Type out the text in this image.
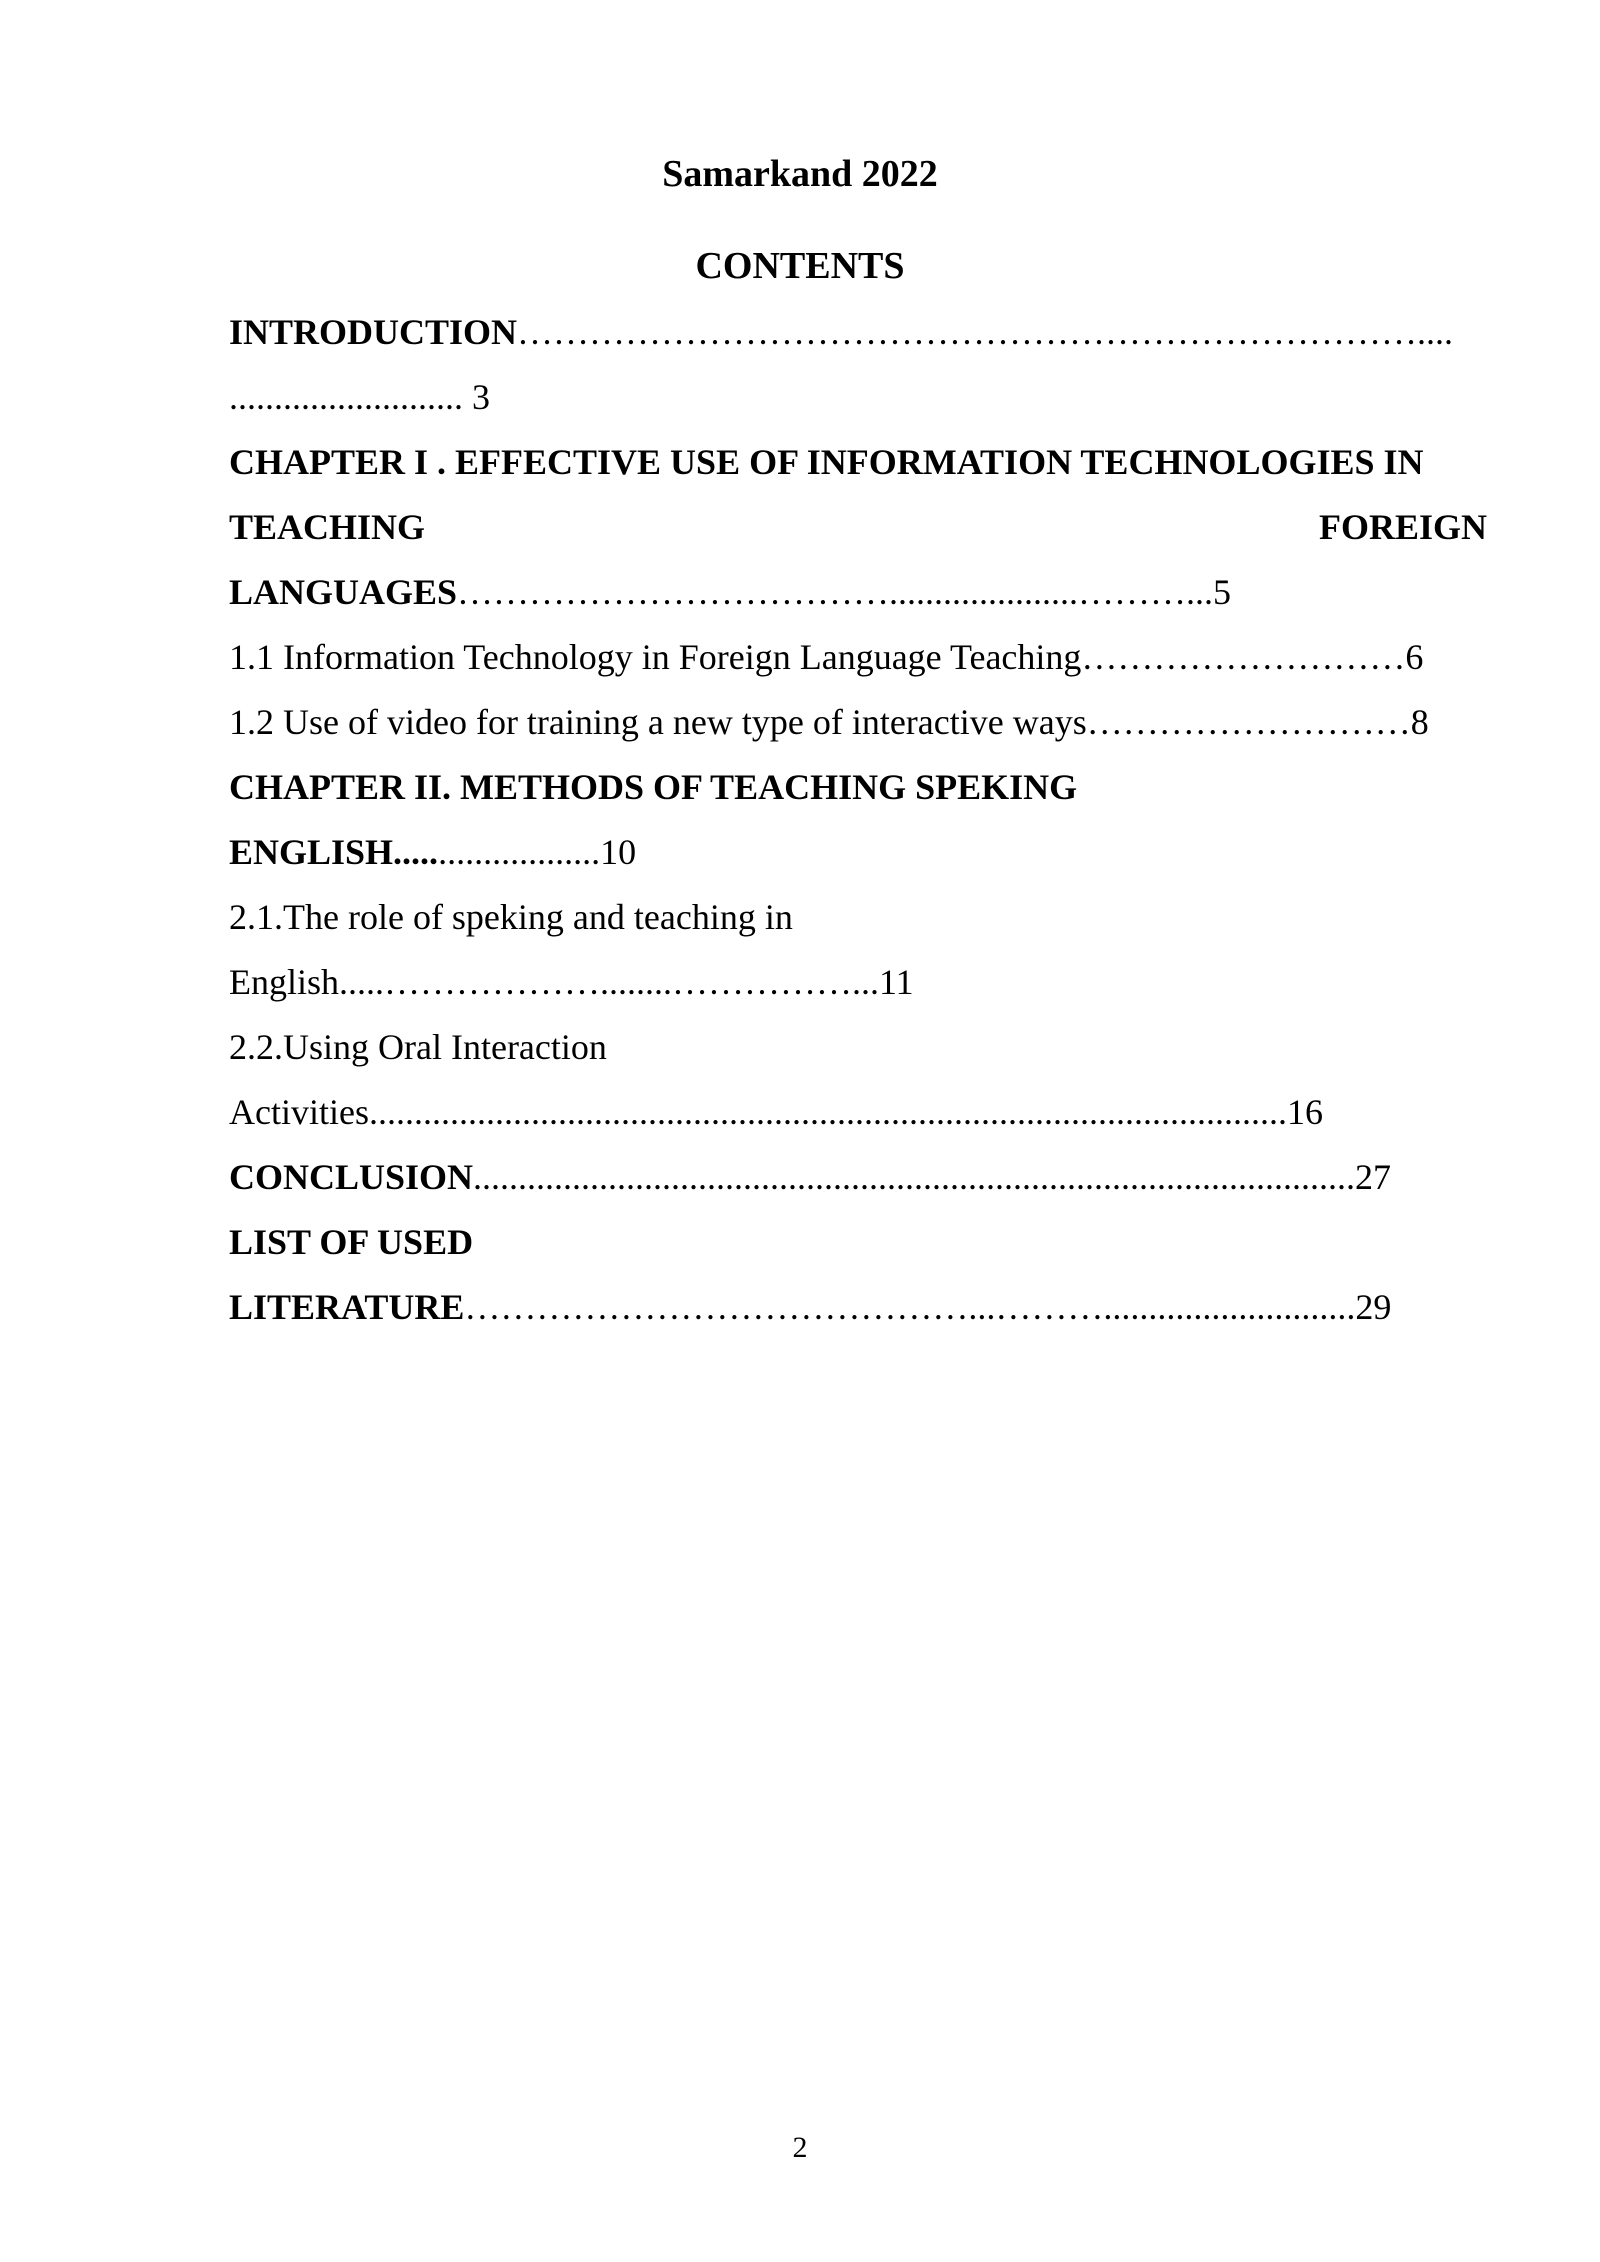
Samarkand 2022
CONTENTS
INTRODUCTION…………………………………………………………………....
.......................... 3
CHAPTER I . EFFECTIVE USE OF INFORMATION TECHNOLOGIES IN
TEACHING	FOREIGN
LANGUAGES……………………………….....................………...5
1.1 Information Technology in Foreign Language Teaching………………………6
1.2 Use of video for training a new type of interactive ways………………………8
CHAPTER II. METHODS OF TEACHING SPEKING
ENGLISH.......................10
2.1.The role of speking and teaching in
English.....………………........……………...11
2.2.Using Oral Interaction
Activities......................................................................................................16
CONCLUSION..................................................................................................27
LIST OF USED
LITERATURE……………………………………...………............................29
2
